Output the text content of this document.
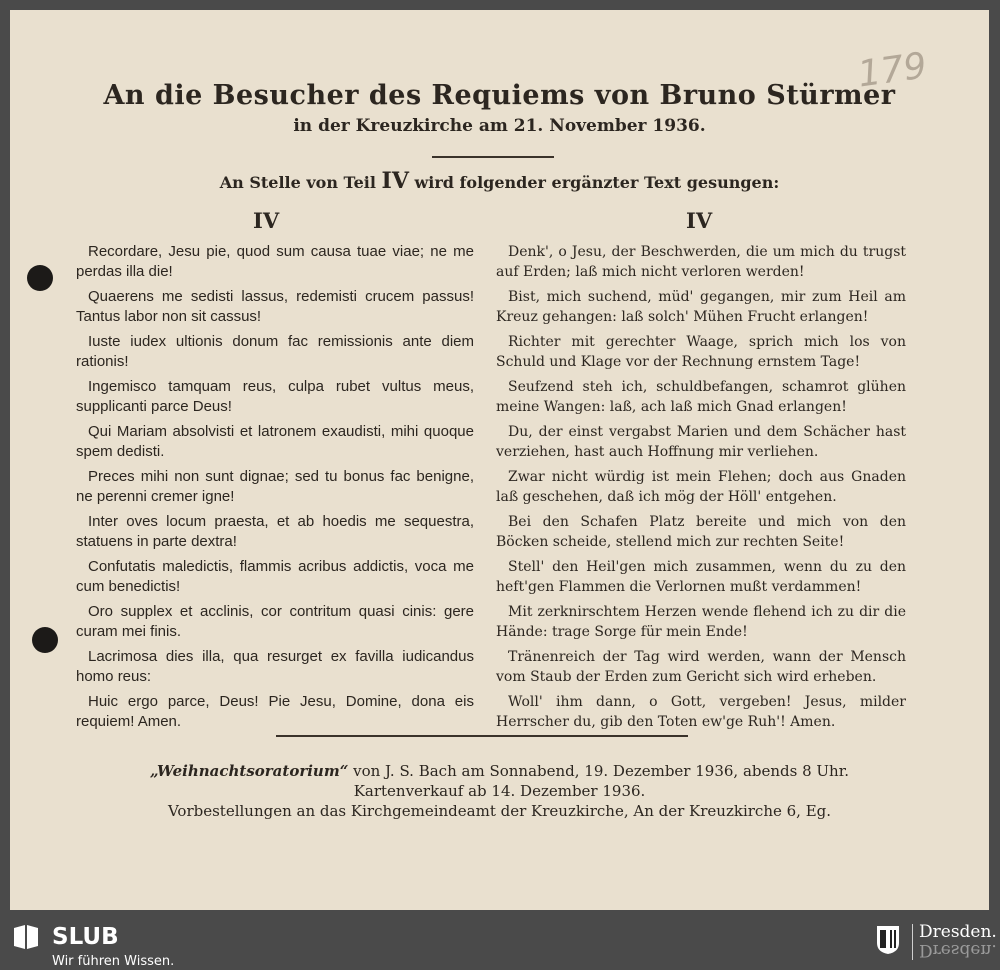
179
An die Besucher des Requiems von Bruno Stürmer
in der Kreuzkirche am 21. November 1936.
An Stelle von Teil IV wird folgender ergänzter Text gesungen:
IV	IV

Recordare, Jesu pie, quod sum causa tuae viae; ne me perdas illa die!

Quaerens me sedisti lassus, redemisti crucem passus! Tantus labor non sit cassus!

Iuste iudex ultionis donum fac remissionis ante diem rationis!

Ingemisco tamquam reus, culpa rubet vultus meus, supplicanti parce Deus!

Qui Mariam absolvisti et latronem exaudisti, mihi quoque spem dedisti.

Preces mihi non sunt dignae; sed tu bonus fac benigne, ne perenni cremer igne!

Inter oves locum praesta, et ab hoedis me sequestra, statuens in parte dextra!

Confutatis maledictis, flammis acribus addictis, voca me cum benedictis!

Oro supplex et acclinis, cor contritum quasi cinis: gere curam mei finis.

Lacrimosa dies illa, qua resurget ex favilla iudicandus homo reus:

Huic ergo parce, Deus! Pie Jesu, Domine, dona eis requiem! Amen.

Denk', o Jesu, der Beschwerden, die um mich du trugst auf Erden; laß mich nicht verloren werden!

Bist, mich suchend, müd' gegangen, mir zum Heil am Kreuz gehangen: laß solch' Mühen Frucht erlangen!

Richter mit gerechter Waage, sprich mich los von Schuld und Klage vor der Rechnung ernstem Tage!

Seufzend steh ich, schuldbefangen, schamrot glühen meine Wangen: laß, ach laß mich Gnad erlangen!

Du, der einst vergabst Marien und dem Schächer hast verziehen, hast auch Hoffnung mir verliehen.

Zwar nicht würdig ist mein Flehen; doch aus Gnaden laß geschehen, daß ich mög der Höll' entgehen.

Bei den Schafen Platz bereite und mich von den Böcken scheide, stellend mich zur rechten Seite!

Stell' den Heil'gen mich zusammen, wenn du zu den heft'gen Flammen die Verlornen mußt verdammen!

Mit zerknirschtem Herzen wende flehend ich zu dir die Hände: trage Sorge für mein Ende!

Tränenreich der Tag wird werden, wann der Mensch vom Staub der Erden zum Gericht sich wird erheben.

Woll' ihm dann, o Gott, vergeben! Jesus, milder Herrscher du, gib den Toten ew'ge Ruh'! Amen.

„Weihnachtsoratorium“ von J. S. Bach am Sonnabend, 19. Dezember 1936, abends 8 Uhr.
Kartenverkauf ab 14. Dezember 1936.
Vorbestellungen an das Kirchgemeindeamt der Kreuzkirche, An der Kreuzkirche 6, Eg.
SLUB
Wir führen Wissen.
Dresden.
Dresden.
